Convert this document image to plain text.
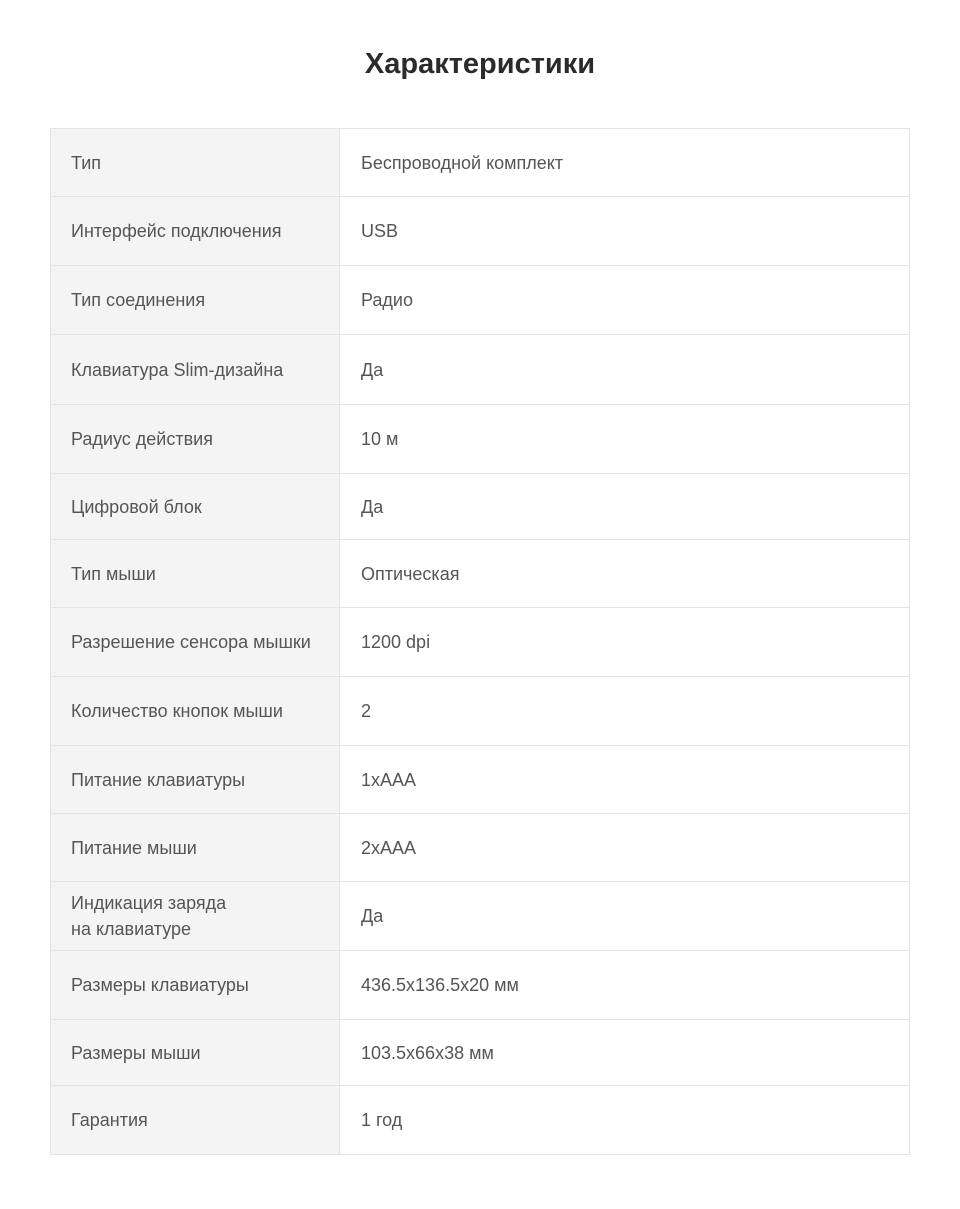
Характеристики
Тип	Беспроводной комплект
Интерфейс подключения	USB
Тип соединения	Радио
Клавиатура Slim-дизайна	Да
Радиус действия	10 м
Цифровой блок	Да
Тип мыши	Оптическая
Разрешение сенсора мышки	1200 dpi
Количество кнопок мыши	2
Питание клавиатуры	1хААА
Питание мыши	2хААА
Индикация заряда
на клавиатуре	Да
Размеры клавиатуры	436.5x136.5x20 мм
Размеры мыши	103.5x66x38 мм
Гарантия	1 год
